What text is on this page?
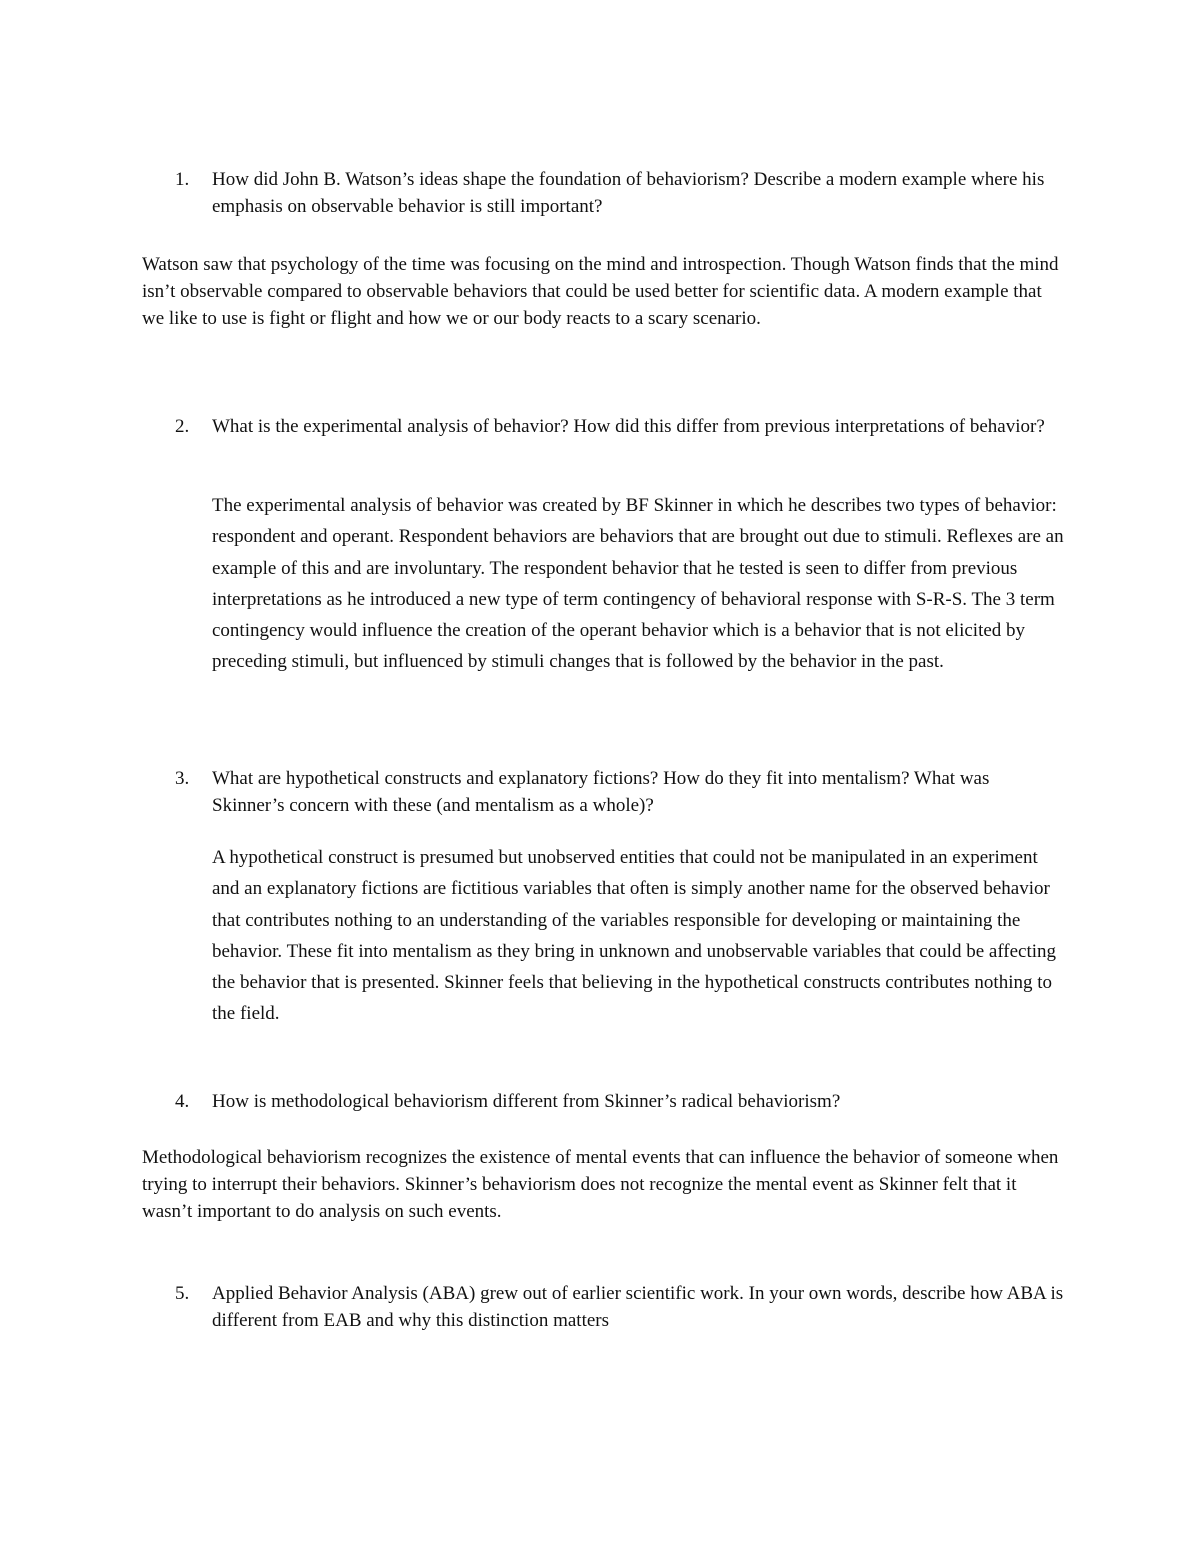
1.	How did John B. Watson’s ideas shape the foundation of behaviorism? Describe a modern example where his emphasis on observable behavior is still important?
Watson saw that psychology of the time was focusing on the mind and introspection. Though Watson finds that the mind isn’t observable compared to observable behaviors that could be used better for scientific data. A modern example that we like to use is fight or flight and how we or our body reacts to a scary scenario.
2.	What is the experimental analysis of behavior? How did this differ from previous interpretations of behavior?
The experimental analysis of behavior was created by BF Skinner in which he describes two types of behavior: respondent and operant. Respondent behaviors are behaviors that are brought out due to stimuli. Reflexes are an example of this and are involuntary. The respondent behavior that he tested is seen to differ from previous interpretations as he introduced a new type of term contingency of behavioral response with S-R-S. The 3 term contingency would influence the creation of the operant behavior which is a behavior that is not elicited by preceding stimuli, but influenced by stimuli changes that is followed by the behavior in the past.
3.	What are hypothetical constructs and explanatory fictions? How do they fit into mentalism? What was Skinner’s concern with these (and mentalism as a whole)?
A hypothetical construct is presumed but unobserved entities that could not be manipulated in an experiment and an explanatory fictions are fictitious variables that often is simply another name for the observed behavior that contributes nothing to an understanding of the variables responsible for developing or maintaining the behavior. These fit into mentalism as they bring in unknown and unobservable variables that could be affecting the behavior that is presented. Skinner feels that believing in the hypothetical constructs contributes nothing to the field.
4.	How is methodological behaviorism different from Skinner’s radical behaviorism?
Methodological behaviorism recognizes the existence of mental events that can influence the behavior of someone when trying to interrupt their behaviors. Skinner’s behaviorism does not recognize the mental event as Skinner felt that it wasn’t important to do analysis on such events.
5.	Applied Behavior Analysis (ABA) grew out of earlier scientific work. In your own words, describe how ABA is different from EAB and why this distinction matters
